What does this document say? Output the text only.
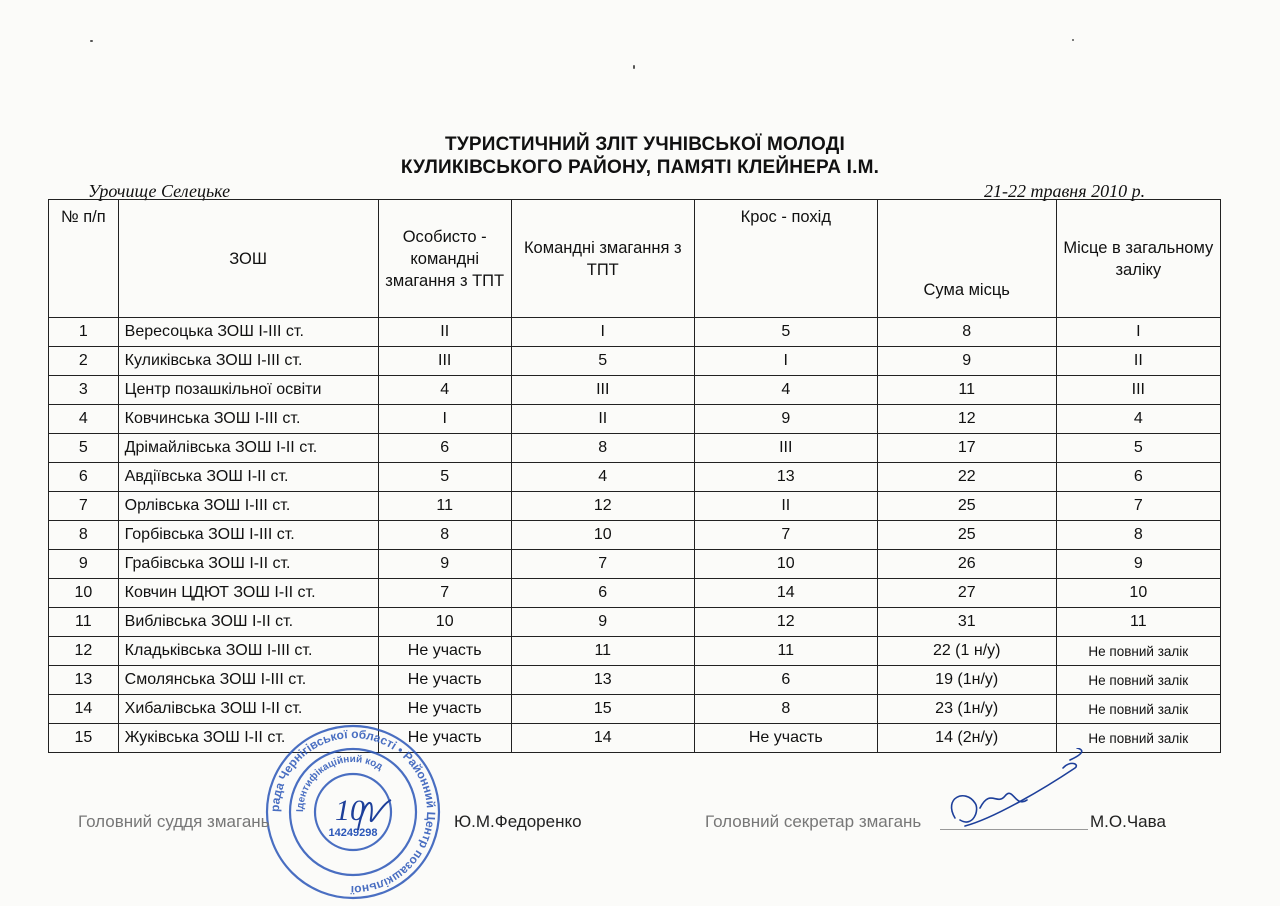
ТУРИСТИЧНИЙ ЗЛІТ УЧНІВСЬКОЇ МОЛОДІ
КУЛИКІВСЬКОГО РАЙОНУ, ПАМЯТІ КЛЕЙНЕРА І.М.
Урочище Селецьке	21-22 травня 2010 р.
№ п/п	ЗОШ	Особисто - командні змагання з ТПТ	Командні змагання з ТПТ	Крос - похід	Сума місць	Місце в загальному заліку
1	Вересоцька ЗОШ І-ІІІ ст.	ІІ	І	5	8	І
2	Куликівська ЗОШ І-ІІІ ст.	ІІІ	5	І	9	ІІ
3	Центр позашкільної освіти	4	ІІІ	4	11	ІІІ
4	Ковчинська ЗОШ І-ІІІ ст.	І	ІІ	9	12	4
5	Дрімайлівська ЗОШ І-ІІ ст.	6	8	ІІІ	17	5
6	Авдіївська ЗОШ І-ІІ ст.	5	4	13	22	6
7	Орлівська ЗОШ І-ІІІ ст.	11	12	ІІ	25	7
8	Горбівська ЗОШ І-ІІІ ст.	8	10	7	25	8
9	Грабівська ЗОШ І-ІІ ст.	9	7	10	26	9
10	Ковчин ЦДЮТ ЗОШ І-ІІ ст.	7	6	14	27	10
11	Виблівська ЗОШ І-ІІ ст.	10	9	12	31	11
12	Кладьківська ЗОШ І-ІІІ ст.	Не участь	11	11	22 (1 н/у)	Не повний залік
13	Смолянська ЗОШ І-ІІІ ст.	Не участь	13	6	19 (1н/у)	Не повний залік
14	Хибалівська ЗОШ І-ІІ ст.	Не участь	15	8	23 (1н/у)	Не повний залік
15	Жуківська ЗОШ І-ІІ ст.	Не участь	14	Не участь	14 (2н/у)	Не повний залік
рада Чернігівської області • Районний Центр позашкільної
Ідентифікаційний код
14249298
10
Головний суддя змагань	Ю.М.Федоренко	Головний секретар змагань	М.О.Чава
